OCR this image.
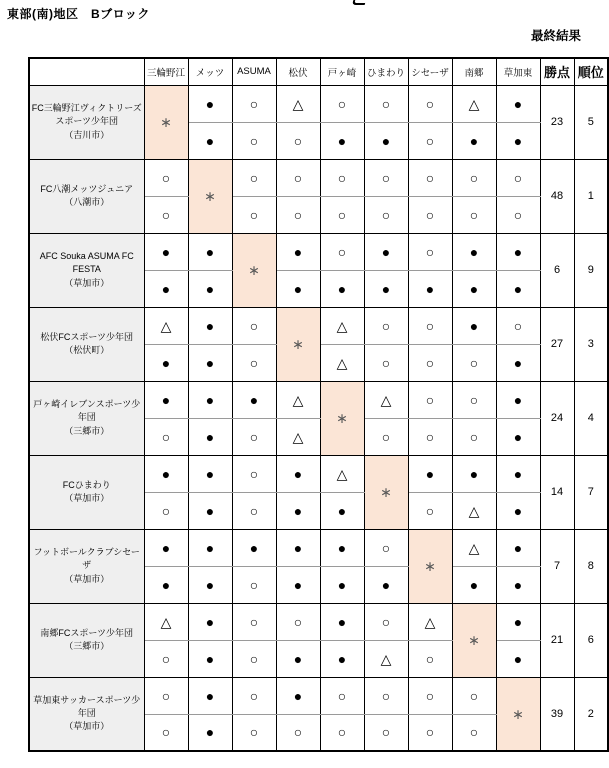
東部(南)地区　Bブロック
最終結果
	三輪野江	メッツ	ASUMA	松伏	戸ヶ崎	ひまわり	シセーザ	南郷	草加東	勝点	順位

FC三輪野江ヴィクトリーズ
スポーツ少年団
（吉川市）	∗	●	○	△	○	○	○	△	●	23	5
		●	○	○	●	●	○	●	●		

FC八潮メッツジュニア
（八潮市）	○	∗	○	○	○	○	○	○	○	48	1
	○		○	○	○	○	○	○	○		

AFC Souka ASUMA FC FESTA
（草加市）	●	●	∗	●	○	●	○	●	●	6	9
	●	●		●	●	●	●	●	●		

松伏FCスポーツ少年団
（松伏町）	△	●	○	∗	△	○	○	●	○	27	3
	●	●	○		△	○	○	○	●		

戸ヶ崎イレブンスポーツ少年団
（三郷市）	●	●	●	△	∗	△	○	○	●	24	4
	○	●	○	△		○	○	○	●		

FCひまわり
（草加市）	●	●	○	●	△	∗	●	●	●	14	7
	○	●	○	●	●		○	△	●		

フットボールクラブシセーザ
（草加市）	●	●	●	●	●	○	∗	△	●	7	8
	●	●	○	●	●	●		●	●		

南郷FCスポーツ少年団
（三郷市）	△	●	○	○	●	○	△	∗	●	21	6
	○	●	○	●	●	△	○		●		

草加東サッカースポーツ少年団
（草加市）	○	●	○	●	○	○	○	○	∗	39	2
	○	●	○	○	○	○	○	○			
